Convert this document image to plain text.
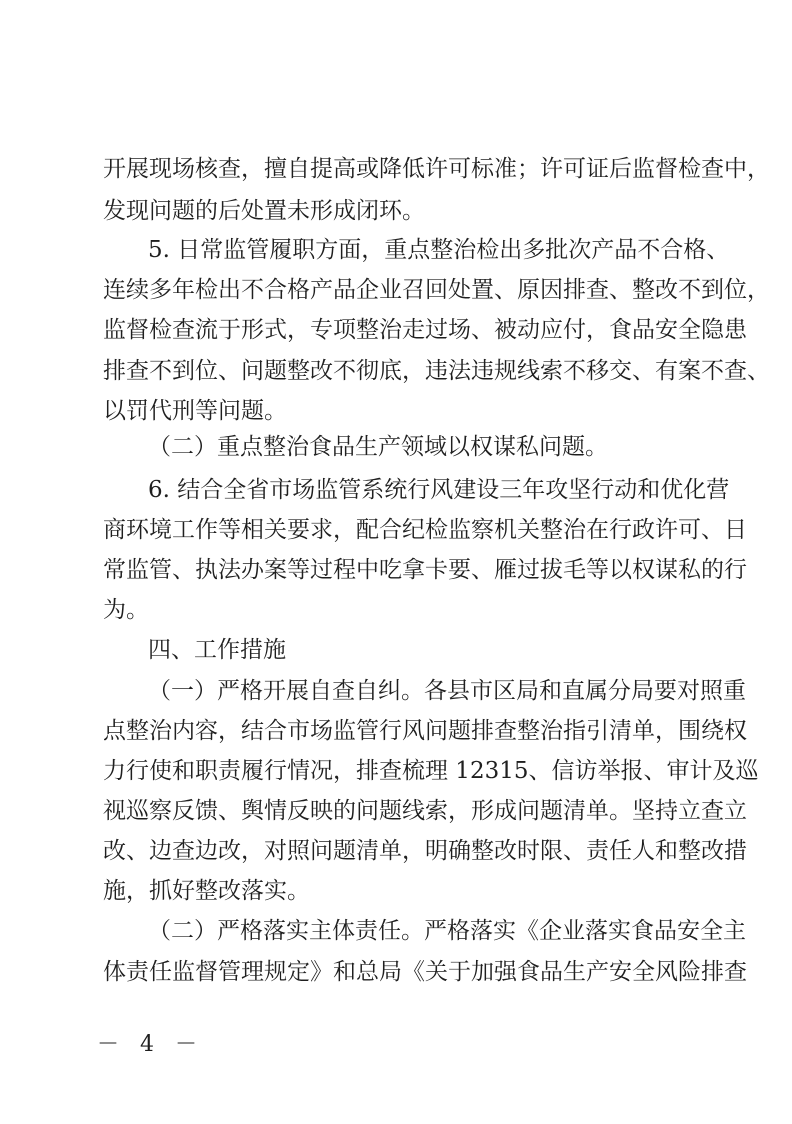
开展现场核查，擅自提高或降低许可标准；许可证后监督检查中，
发现问题的后处置未形成闭环。
5. 日常监管履职方面，重点整治检出多批次产品不合格、
连续多年检出不合格产品企业召回处置、原因排查、整改不到位，
监督检查流于形式，专项整治走过场、被动应付，食品安全隐患
排查不到位、问题整改不彻底，违法违规线索不移交、有案不查、
以罚代刑等问题。
（二）重点整治食品生产领域以权谋私问题。
6. 结合全省市场监管系统行风建设三年攻坚行动和优化营
商环境工作等相关要求，配合纪检监察机关整治在行政许可、日
常监管、执法办案等过程中吃拿卡要、雁过拔毛等以权谋私的行
为。
四、工作措施
（一）严格开展自查自纠。各县市区局和直属分局要对照重
点整治内容，结合市场监管行风问题排查整治指引清单，围绕权
力行使和职责履行情况，排查梳理 12315、信访举报、审计及巡
视巡察反馈、舆情反映的问题线索，形成问题清单。坚持立查立
改、边查边改，对照问题清单，明确整改时限、责任人和整改措
施，抓好整改落实。
（二）严格落实主体责任。严格落实《企业落实食品安全主
体责任监督管理规定》和总局《关于加强食品生产安全风险排查
－ 4 －
